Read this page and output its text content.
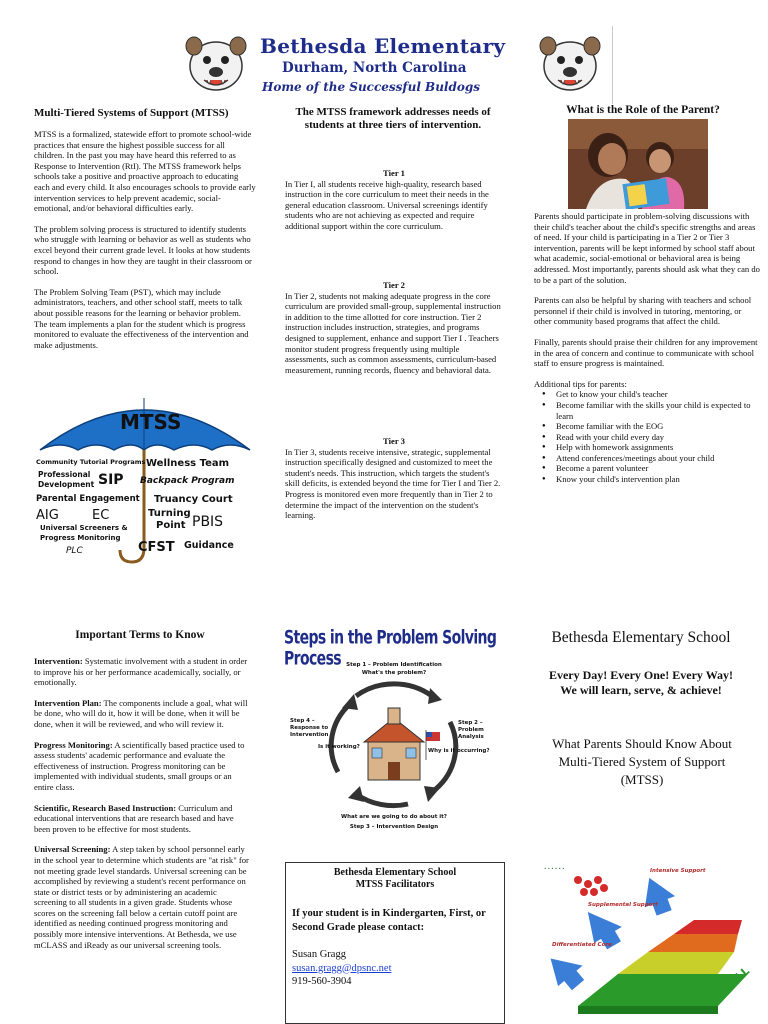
Bethesda Elementary
Durham, North Carolina
Home of the Successful Buldogs
Multi-Tiered Systems of Support (MTSS)

MTSS is a formalized, statewide effort to promote school-wide practices that ensure the highest possible success for all children. In the past you may have heard this referred to as Response to Intervention (RtI). The MTSS framework helps schools take a positive and proactive approach to educating each and every child. It also encourages schools to provide early intervention services to help prevent academic, social-emotional, and/or behavioral difficulties early.

The problem solving process is structured to identify students who struggle with learning or behavior as well as students who excel beyond their current grade level. It looks at how students respond to changes in how they are taught in their classroom or school.

The Problem Solving Team (PST), which may include administrators, teachers, and other school staff, meets to talk about possible reasons for the learning or behavior problem. The team implements a plan for the student which is progress monitored to evaluate the effectiveness of the intervention and make adjustments.

MTSS
Community Tutorial Programs Wellness Team
Professional
Development SIP Backpack Program
Parental Engagement Truancy Court
AIG	EC	Turning
Point PBIS
Universal Screeners &
Progress Monitoring
PLC	CFST Guidance
The MTSS framework addresses needs of students at three tiers of intervention.
Tier 1
In Tier I, all students receive high-quality, research based instruction in the core curriculum to meet their needs in the general education classroom. Universal screenings identify students who are not achieving as expected and require additional support within the core curriculum.
Tier 2
In Tier 2, students not making adequate progress in the core curriculum are provided small-group, supplemental instruction in addition to the time allotted for core instruction. Tier 2 instruction includes instruction, strategies, and programs designed to supplement, enhance and support Tier I . Teachers monitor student progress frequently using multiple assessments, such as common assessments, curriculum-based measurement, running records, fluency and behavioral data.
Tier 3
In Tier 3, students receive intensive, strategic, supplemental instruction specifically designed and customized to meet the student's needs. This instruction, which targets the student's skill deficits, is extended beyond the time for Tier I and Tier 2. Progress is monitored even more frequently than in Tier 2 to determine the impact of the intervention on the student's learning.
What is the Role of the Parent?

Parents should participate in problem-solving discussions with their child's teacher about the child's specific strengths and areas of need. If your child is participating in a Tier 2 or Tier 3 intervention, parents will be kept informed by school staff about what academic, social-emotional or behavioral area is being addressed. Most importantly, parents should ask what they can do to be a part of the solution.

Parents can also be helpful by sharing with teachers and school personnel if their child is involved in tutoring, mentoring, or other community based programs that affect the child.

Finally, parents should praise their children for any improvement in the area of concern and continue to communicate with school staff to ensure progress is maintained.

Additional tips for parents:
● Get to know your child's teacher
● Become familiar with the skills your child is expected to learn
● Become familiar with the EOG
● Read with your child every day
● Help with homework assignments
● Attend conferences/meetings about your child
● Become a parent volunteer
● Know your child's intervention plan
Important Terms to Know

Intervention: Systematic involvement with a student in order to improve his or her performance academically, socially, or emotionally.

Intervention Plan: The components include a goal, what will be done, who will do it, how it will be done, when it will be done, when it will be reviewed, and who will review it.

Progress Monitoring: A scientifically based practice used to assess students' academic performance and evaluate the effectiveness of instruction. Progress monitoring can be implemented with individual students, small groups or an entire class.

Scientific, Research Based Instruction: Curriculum and educational interventions that are research based and have been proven to be effective for most students.

Universal Screening: A step taken by school personnel early in the school year to determine which students are "at risk" for not meeting grade level standards. Universal screening can be accomplished by reviewing a student's recent performance on state or district tests or by administering an academic screening to all students in a given grade. Students whose scores on the screening fall below a certain cutoff point are identified as needing continued progress monitoring and possibly more intensive interventions. At Bethesda, we use mCLASS and iReady as our universal screening tools.

Steps in the Problem Solving Process Step 1 – Problem Identification
What's the problem?
Step 2 – Problem Analysis
Why is it occurring?
What are we going to do about it?
Step 3 – Intervention Design
Step 4 – Response to Intervention
Is it working?
Bethesda Elementary School
MTSS Facilitators
If your student is in Kindergarten, First, or Second Grade please contact:
Susan Gragg
susan.gragg@dpsnc.net
919-560-3904
Bethesda Elementary School
Every Day! Every One! Every Way!
We will learn, serve, & achieve!
What Parents Should Know About Multi-Tiered System of Support (MTSS)
• • • • • •	Intensive Support
Supplemental Support
Differentiated Core
ALL
